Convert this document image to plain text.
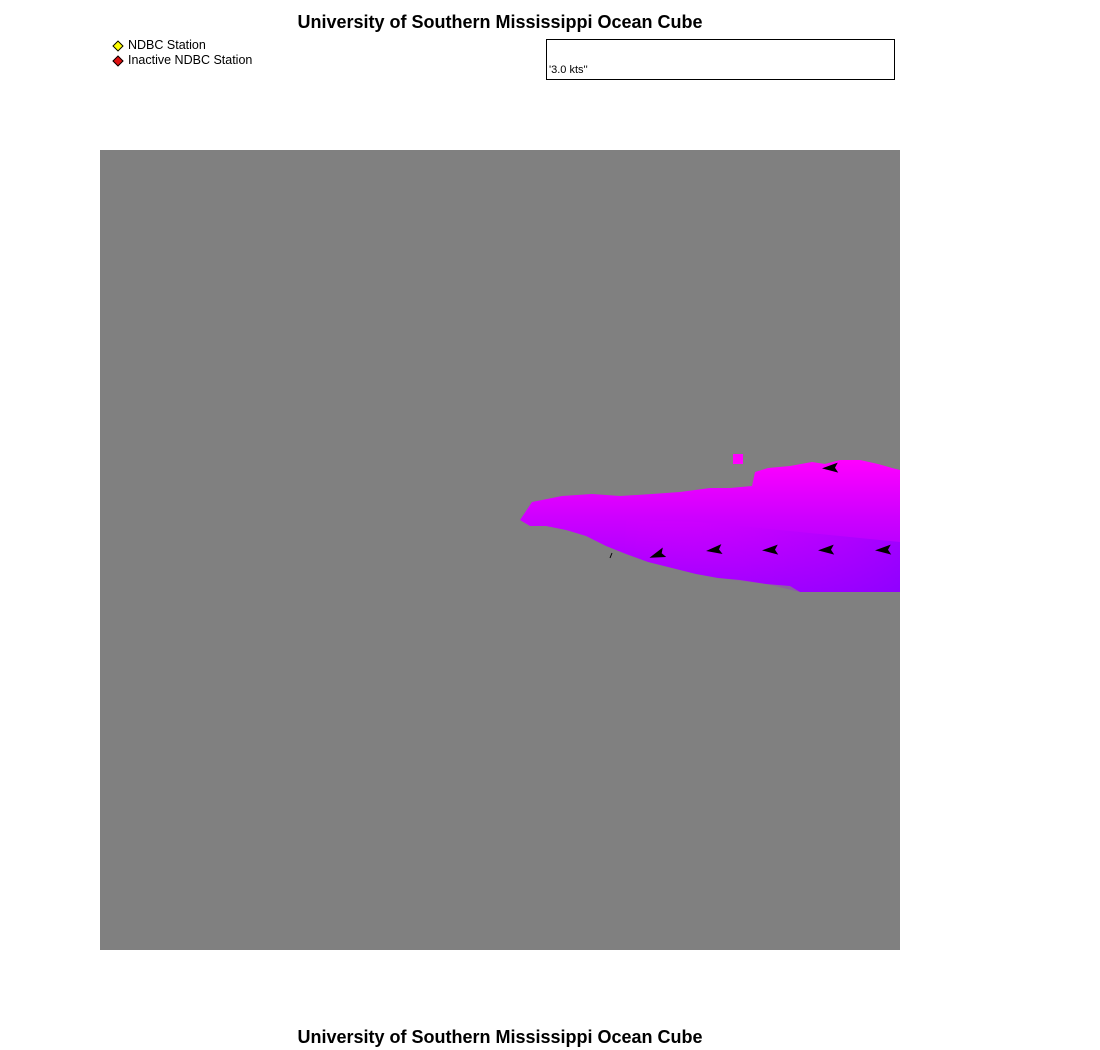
University of Southern Mississippi Ocean Cube
NDBC Station
Inactive NDBC Station
'3.0 kts''
University of Southern Mississippi Ocean Cube
